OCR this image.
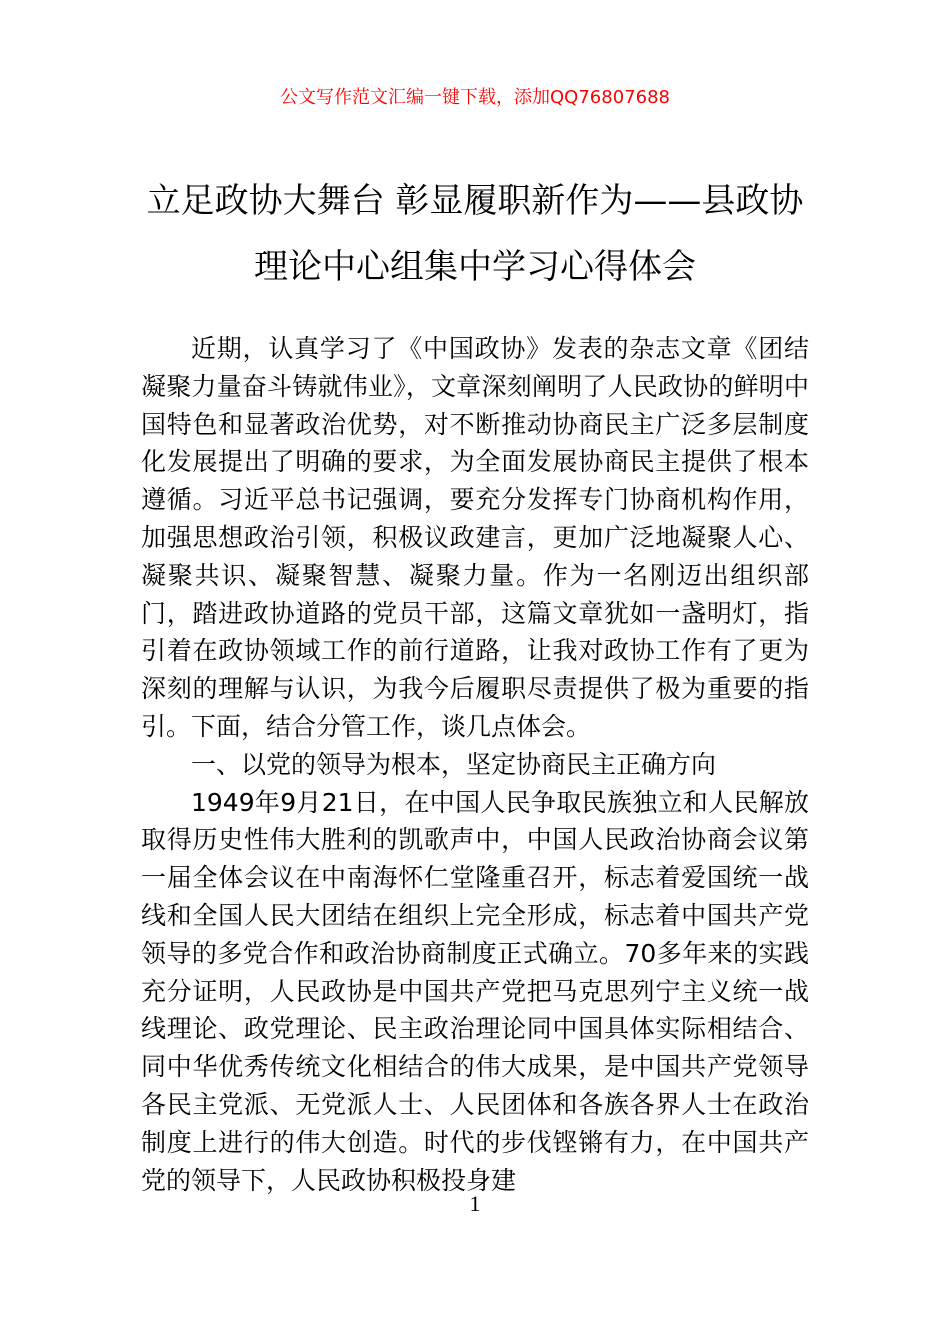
公文写作范文汇编一键下载，添加QQ76807688
立足政协大舞台 彰显履职新作为——县政协理论中心组集中学习心得体会

近期，认真学习了《中国政协》发表的杂志文章《团结凝聚力量奋斗铸就伟业》，文章深刻阐明了人民政协的鲜明中国特色和显著政治优势，对不断推动协商民主广泛多层制度化发展提出了明确的要求，为全面发展协商民主提供了根本遵循。习近平总书记强调，要充分发挥专门协商机构作用，加强思想政治引领，积极议政建言，更加广泛地凝聚人心、凝聚共识、凝聚智慧、凝聚力量。作为一名刚迈出组织部门，踏进政协道路的党员干部，这篇文章犹如一盏明灯，指引着在政协领域工作的前行道路，让我对政协工作有了更为深刻的理解与认识，为我今后履职尽责提供了极为重要的指引。下面，结合分管工作，谈几点体会。

一、以党的领导为根本，坚定协商民主正确方向

1949年9月21日，在中国人民争取民族独立和人民解放取得历史性伟大胜利的凯歌声中，中国人民政治协商会议第一届全体会议在中南海怀仁堂隆重召开，标志着爱国统一战线和全国人民大团结在组织上完全形成，标志着中国共产党领导的多党合作和政治协商制度正式确立。70多年来的实践充分证明，人民政协是中国共产党把马克思列宁主义统一战线理论、政党理论、民主政治理论同中国具体实际相结合、同中华优秀传统文化相结合的伟大成果，是中国共产党领导各民主党派、无党派人士、人民团体和各族各界人士在政治制度上进行的伟大创造。时代的步伐铿锵有力，在中国共产党的领导下，人民政协积极投身建

1
